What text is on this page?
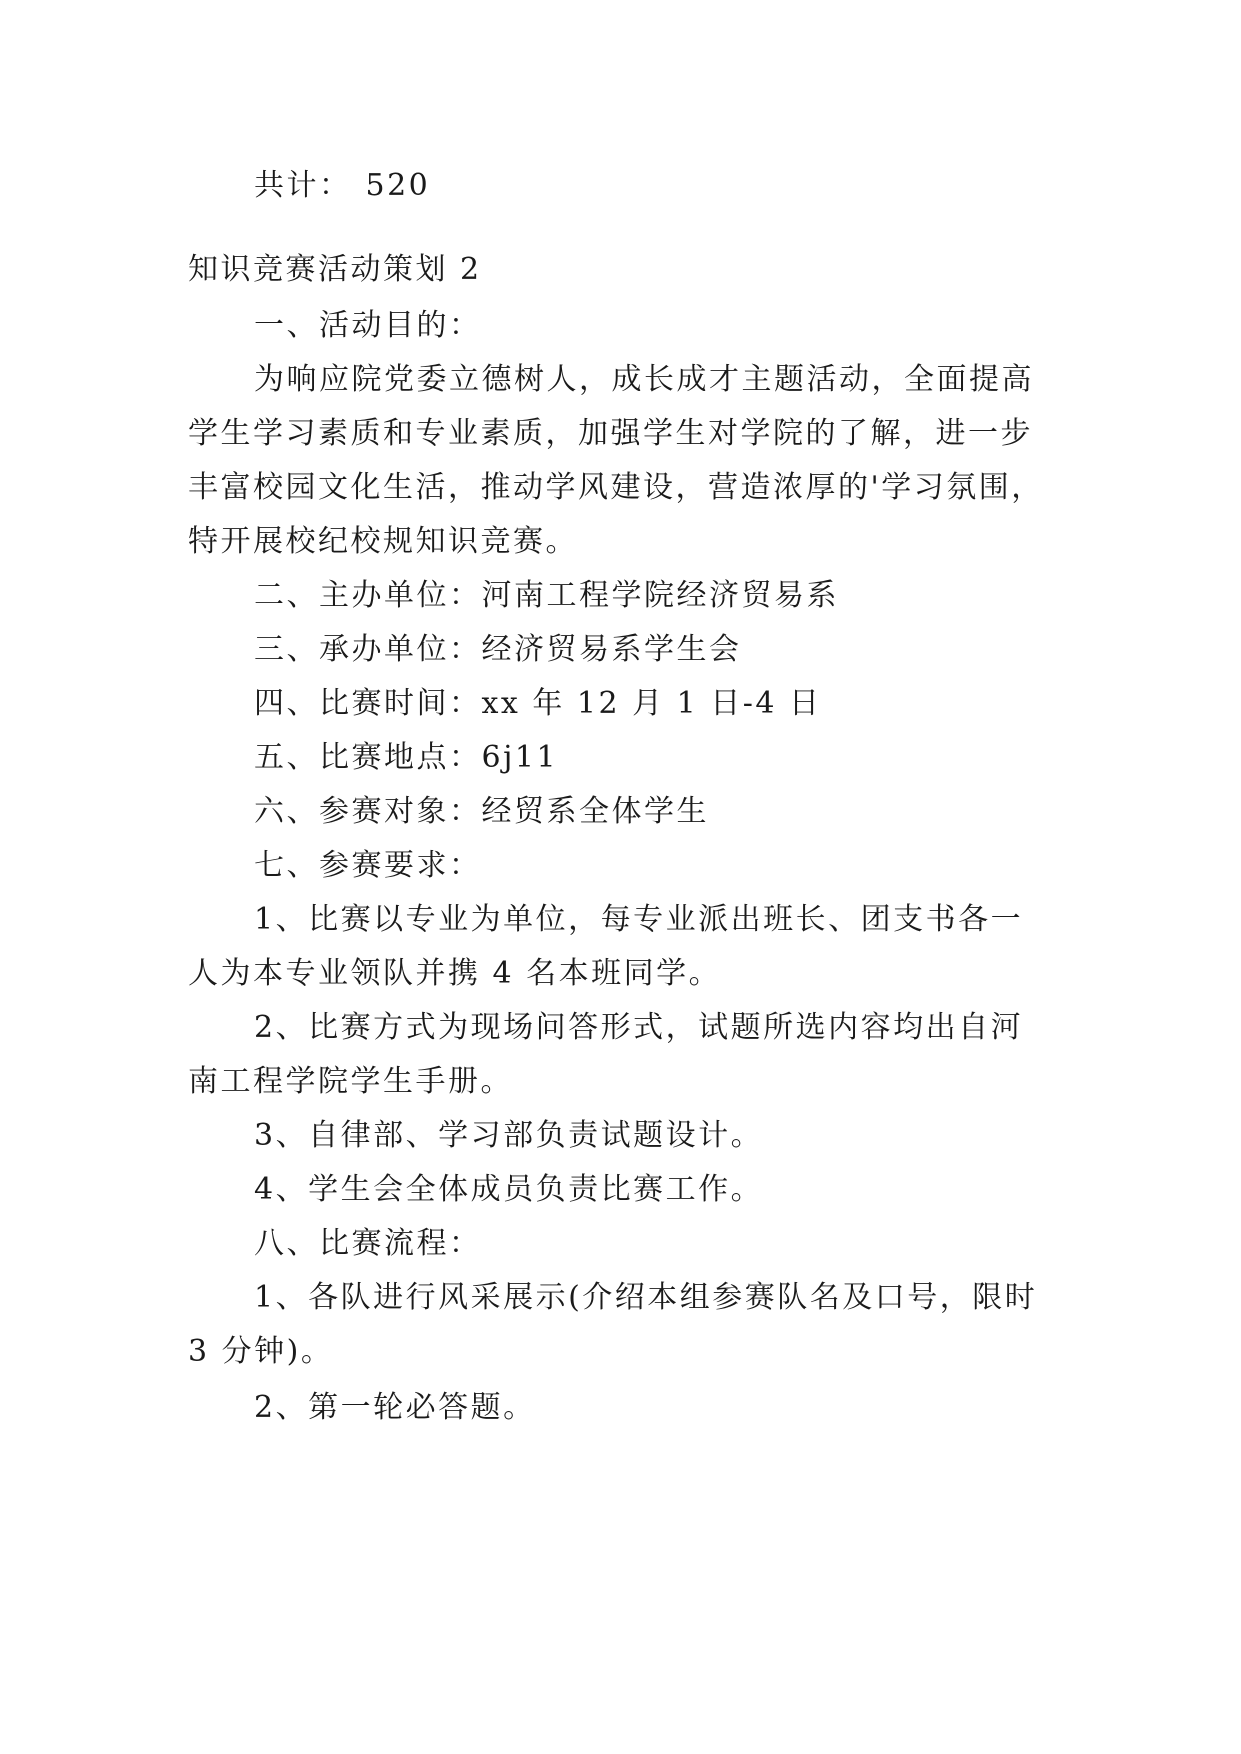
共计： 520
知识竞赛活动策划 2
一、活动目的：
为响应院党委立德树人，成长成才主题活动，全面提高
学生学习素质和专业素质，加强学生对学院的了解，进一步
丰富校园文化生活，推动学风建设，营造浓厚的'学习氛围，
特开展校纪校规知识竞赛。
二、主办单位：河南工程学院经济贸易系
三、承办单位：经济贸易系学生会
四、比赛时间：xx 年 12 月 1 日-4 日
五、比赛地点：6j11
六、参赛对象：经贸系全体学生
七、参赛要求：
1、比赛以专业为单位，每专业派出班长、团支书各一
人为本专业领队并携 4 名本班同学。
2、比赛方式为现场问答形式，试题所选内容均出自河
南工程学院学生手册。
3、自律部、学习部负责试题设计。
4、学生会全体成员负责比赛工作。
八、比赛流程：
1、各队进行风采展示(介绍本组参赛队名及口号，限时
3 分钟)。
2、第一轮必答题。
